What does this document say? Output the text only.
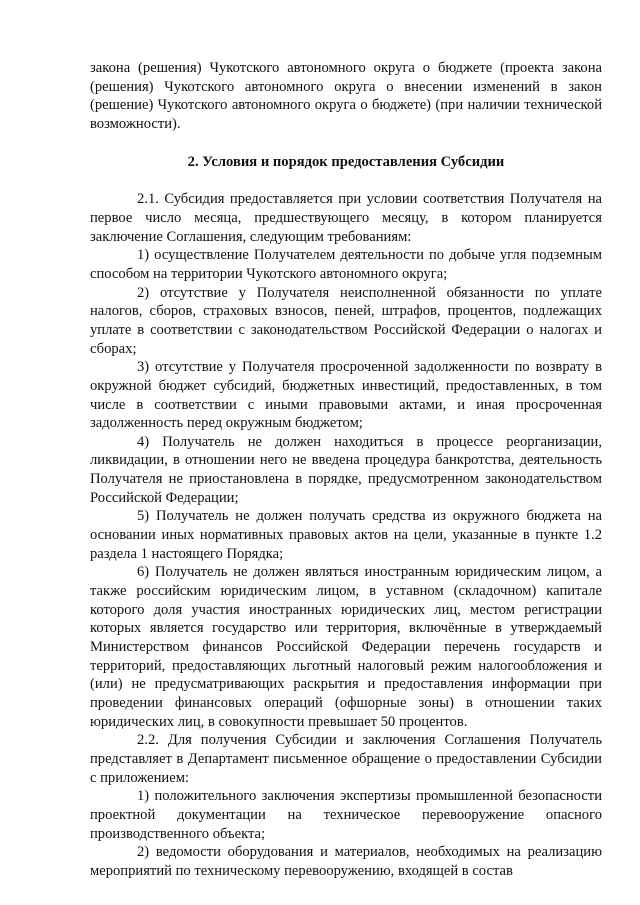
закона (решения) Чукотского автономного округа о бюджете (проекта закона (решения) Чукотского автономного округа о внесении изменений в закон (решение) Чукотского автономного округа о бюджете) (при наличии технической возможности).

2. Условия и порядок предоставления Субсидии

2.1. Субсидия предоставляется при условии соответствия Получателя на первое число месяца, предшествующего месяцу, в котором планируется заключение Соглашения, следующим требованиям:

1) осуществление Получателем деятельности по добыче угля подземным способом на территории Чукотского автономного округа;

2) отсутствие у Получателя неисполненной обязанности по уплате налогов, сборов, страховых взносов, пеней, штрафов, процентов, подлежащих уплате в соответствии с законодательством Российской Федерации о налогах и сборах;

3) отсутствие у Получателя просроченной задолженности по возврату в окружной бюджет субсидий, бюджетных инвестиций, предоставленных, в том числе в соответствии с иными правовыми актами, и иная просроченная задолженность перед окружным бюджетом;

4) Получатель не должен находиться в процессе реорганизации, ликвидации, в отношении него не введена процедура банкротства, деятельность Получателя не приостановлена в порядке, предусмотренном законодательством Российской Федерации;

5) Получатель не должен получать средства из окружного бюджета на основании иных нормативных правовых актов на цели, указанные в пункте 1.2 раздела 1 настоящего Порядка;

6) Получатель не должен являться иностранным юридическим лицом, а также российским юридическим лицом, в уставном (складочном) капитале которого доля участия иностранных юридических лиц, местом регистрации которых является государство или территория, включённые в утверждаемый Министерством финансов Российской Федерации перечень государств и территорий, предоставляющих льготный налоговый режим налогообложения и (или) не предусматривающих раскрытия и предоставления информации при проведении финансовых операций (офшорные зоны) в отношении таких юридических лиц, в совокупности превышает 50 процентов.

2.2. Для получения Субсидии и заключения Соглашения Получатель представляет в Департамент письменное обращение о предоставлении Субсидии с приложением:

1) положительного заключения экспертизы промышленной безопасности проектной документации на техническое перевооружение опасного производственного объекта;

2) ведомости оборудования и материалов, необходимых на реализацию мероприятий по техническому перевооружению, входящей в состав
